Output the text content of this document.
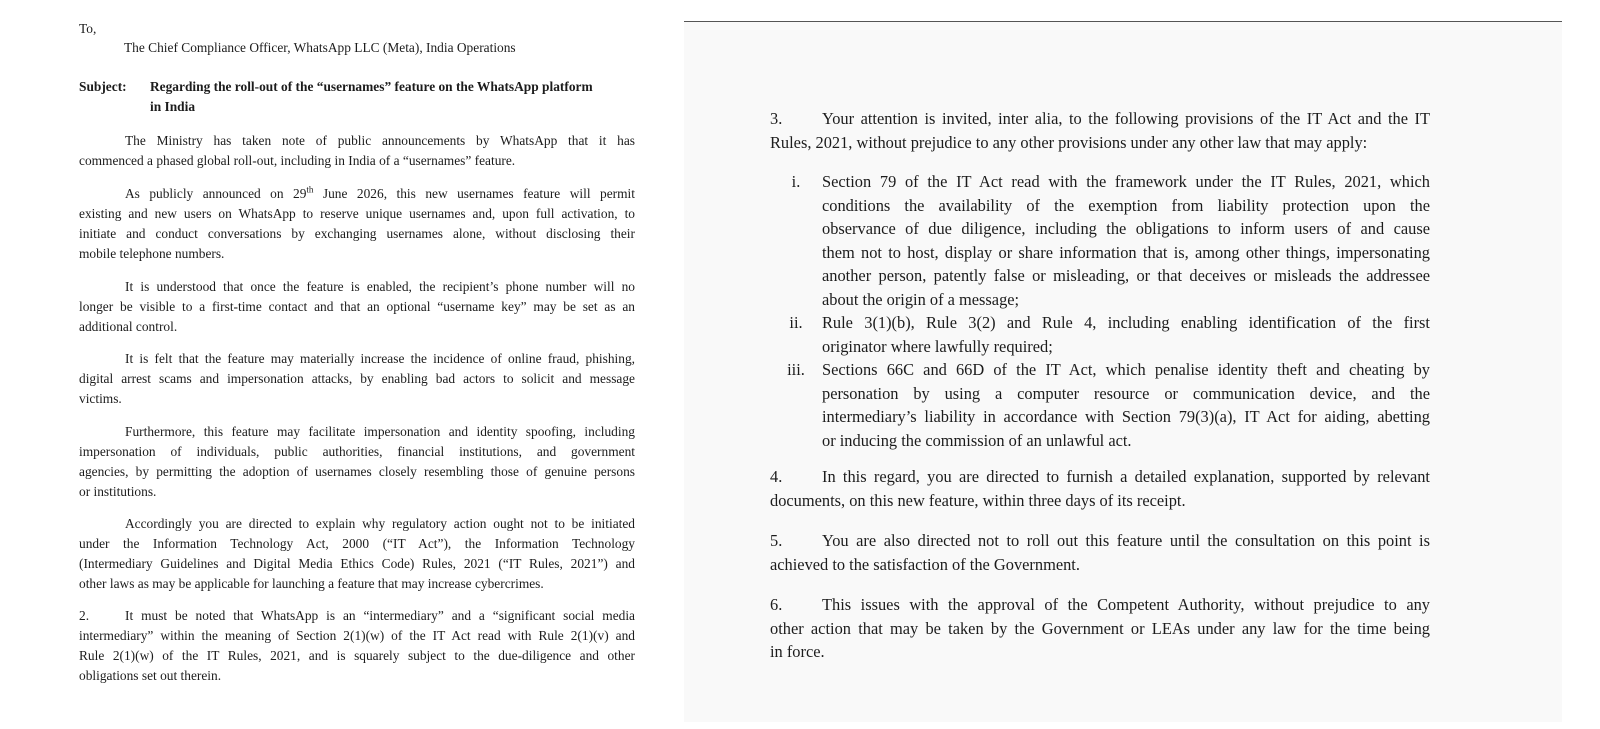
To,
The Chief Compliance Officer, WhatsApp LLC (Meta), India Operations
Subject:	Regarding the roll-out of the “usernames” feature on the WhatsApp platform
in India
The Ministry has taken note of public announcements by WhatsApp that it has
commenced a phased global roll-out, including in India of a “usernames” feature.
As publicly announced on 29th June 2026, this new usernames feature will permit
existing and new users on WhatsApp to reserve unique usernames and, upon full activation, to
initiate and conduct conversations by exchanging usernames alone, without disclosing their
mobile telephone numbers.
It is understood that once the feature is enabled, the recipient’s phone number will no
longer be visible to a first-time contact and that an optional “username key” may be set as an
additional control.
It is felt that the feature may materially increase the incidence of online fraud, phishing,
digital arrest scams and impersonation attacks, by enabling bad actors to solicit and message
victims.
Furthermore, this feature may facilitate impersonation and identity spoofing, including
impersonation of individuals, public authorities, financial institutions, and government
agencies, by permitting the adoption of usernames closely resembling those of genuine persons
or institutions.
Accordingly you are directed to explain why regulatory action ought not to be initiated
under the Information Technology Act, 2000 (“IT Act”), the Information Technology
(Intermediary Guidelines and Digital Media Ethics Code) Rules, 2021 (“IT Rules, 2021”) and
other laws as may be applicable for launching a feature that may increase cybercrimes.
2.	It must be noted that WhatsApp is an “intermediary” and a “significant social media
intermediary” within the meaning of Section 2(1)(w) of the IT Act read with Rule 2(1)(v) and
Rule 2(1)(w) of the IT Rules, 2021, and is squarely subject to the due-diligence and other
obligations set out therein.
3. Your attention is invited, inter alia, to the following provisions of the IT Act and the IT
Rules, 2021, without prejudice to any other provisions under any other law that may apply:
i.	Section 79 of the IT Act read with the framework under the IT Rules, 2021, which
conditions the availability of the exemption from liability protection upon the
observance of due diligence, including the obligations to inform users of and cause
them not to host, display or share information that is, among other things, impersonating
another person, patently false or misleading, or that deceives or misleads the addressee
about the origin of a message;
ii.	Rule 3(1)(b), Rule 3(2) and Rule 4, including enabling identification of the first
originator where lawfully required;
iii.	Sections 66C and 66D of the IT Act, which penalise identity theft and cheating by
personation by using a computer resource or communication device, and the
intermediary’s liability in accordance with Section 79(3)(a), IT Act for aiding, abetting
or inducing the commission of an unlawful act.
4. In this regard, you are directed to furnish a detailed explanation, supported by relevant
documents, on this new feature, within three days of its receipt.
5. You are also directed not to roll out this feature until the consultation on this point is
achieved to the satisfaction of the Government.
6. This issues with the approval of the Competent Authority, without prejudice to any
other action that may be taken by the Government or LEAs under any law for the time being
in force.
